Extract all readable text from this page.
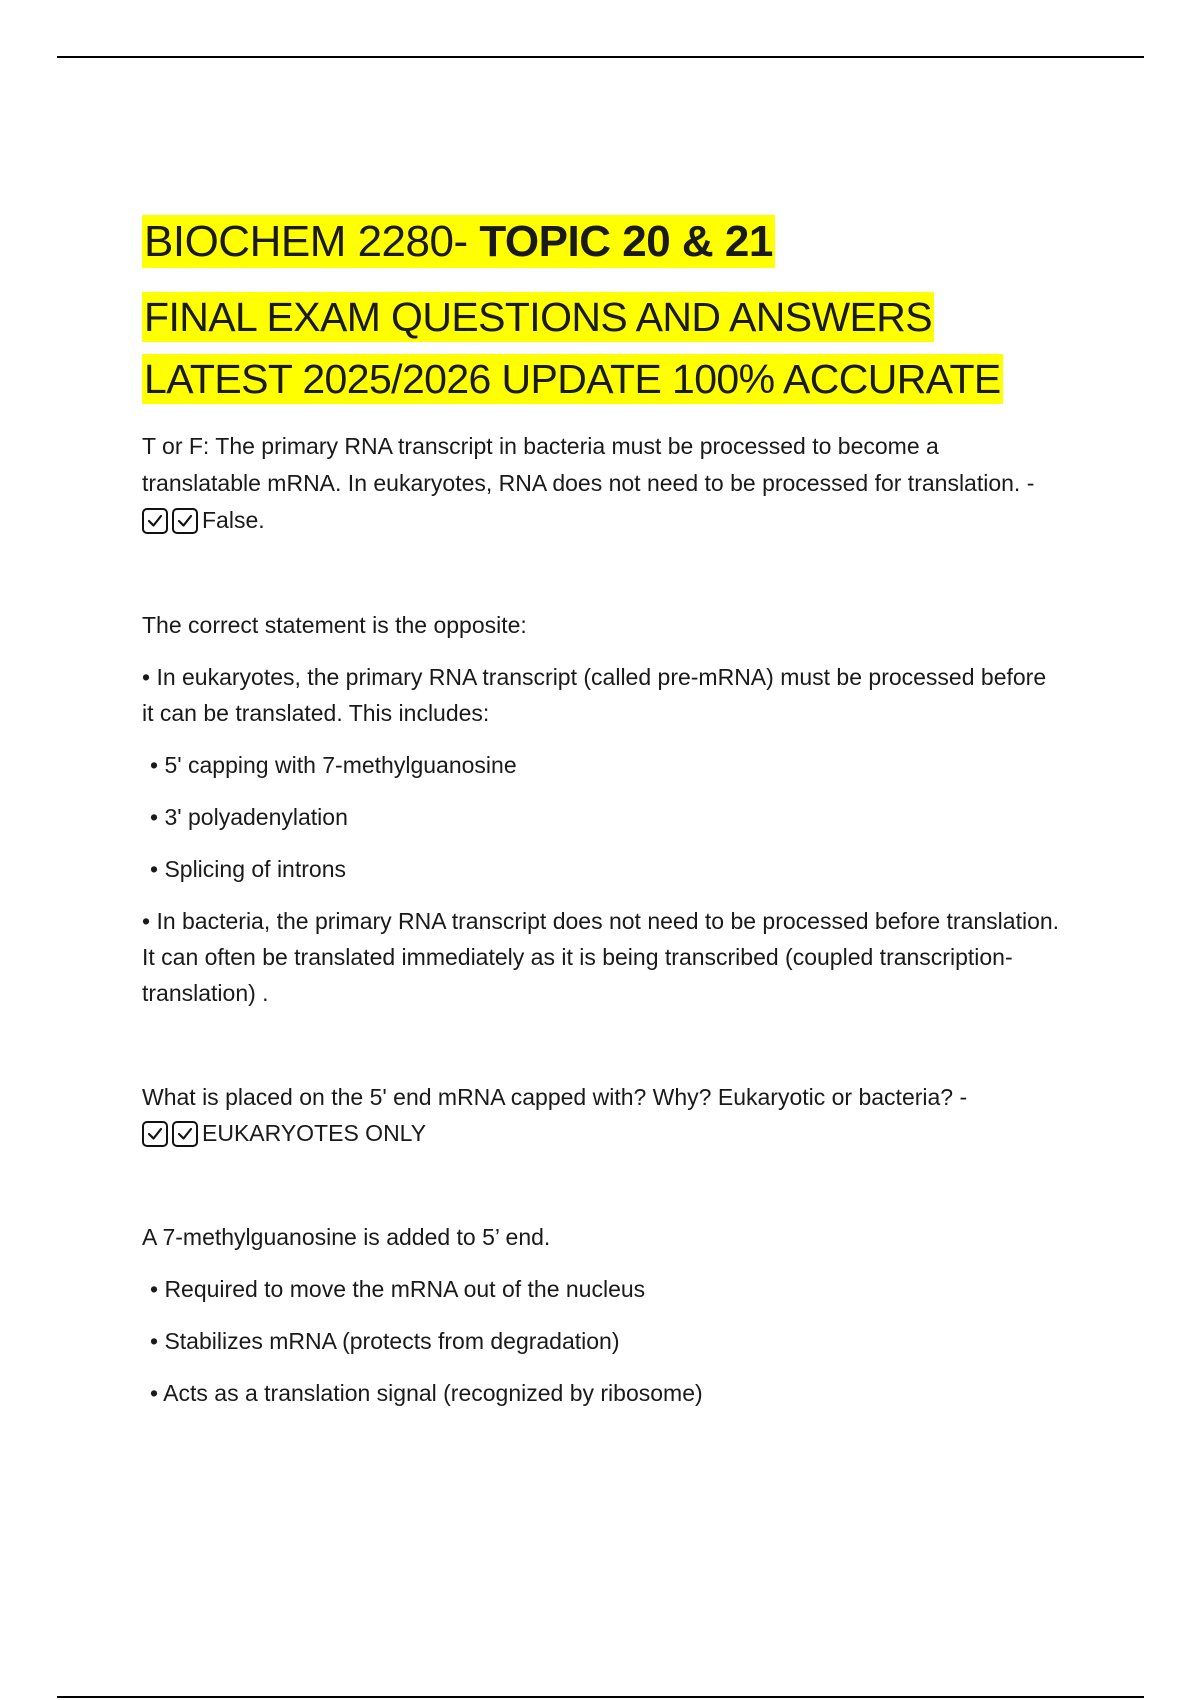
BIOCHEM 2280- TOPIC 20 & 21
FINAL EXAM QUESTIONS AND ANSWERS
LATEST 2025/2026 UPDATE 100% ACCURATE

T or F: The primary RNA transcript in bacteria must be processed to become a translatable mRNA. In eukaryotes, RNA does not need to be processed for translation. -
False.

The correct statement is the opposite:

• In eukaryotes, the primary RNA transcript (called pre-mRNA) must be processed before it can be translated. This includes:

• 5' capping with 7-methylguanosine

• 3' polyadenylation

• Splicing of introns

• In bacteria, the primary RNA transcript does not need to be processed before translation. It can often be translated immediately as it is being transcribed (coupled transcription-translation) .

What is placed on the 5' end mRNA capped with? Why? Eukaryotic or bacteria? -

EUKARYOTES ONLY

A 7-methylguanosine is added to 5’ end.

• Required to move the mRNA out of the nucleus

• Stabilizes mRNA (protects from degradation)

• Acts as a translation signal (recognized by ribosome)
